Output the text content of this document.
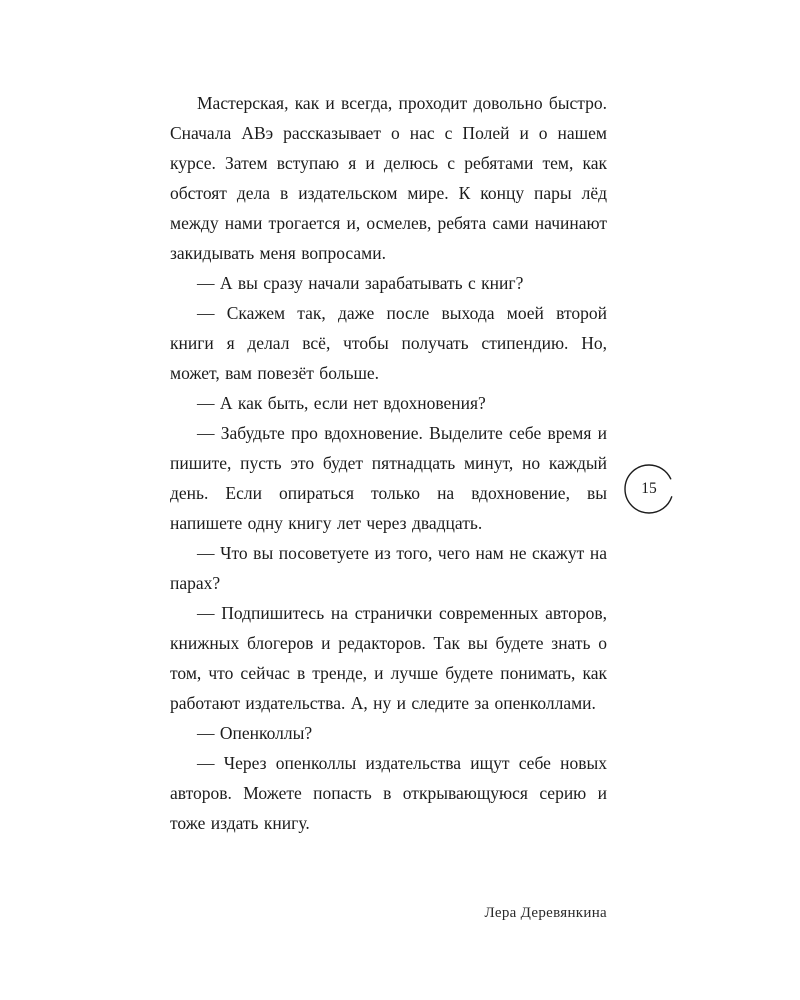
Мастерская, как и всегда, проходит довольно быстро. Сначала АВэ рассказывает о нас с Полей и о нашем курсе. Затем вступаю я и делюсь с ребятами тем, как обстоят дела в издательском мире. К концу пары лёд между нами трогается и, осмелев, ребята сами начинают закидывать меня вопросами.

— А вы сразу начали зарабатывать с книг?

— Скажем так, даже после выхода моей второй книги я делал всё, чтобы получать стипендию. Но, может, вам повезёт больше.

— А как быть, если нет вдохновения?

— Забудьте про вдохновение. Выделите себе время и пишите, пусть это будет пятнадцать минут, но каждый день. Если опираться только на вдохновение, вы напишете одну книгу лет через двадцать.

— Что вы посоветуете из того, чего нам не скажут на парах?

— Подпишитесь на странички современных авторов, книжных блогеров и редакторов. Так вы будете знать о том, что сейчас в тренде, и лучше будете понимать, как работают издательства. А, ну и следите за опенколлами.

— Опенколлы?

— Через опенколлы издательства ищут себе новых авторов. Можете попасть в открывающуюся серию и тоже издать книгу.

15
Лера Деревянкина
